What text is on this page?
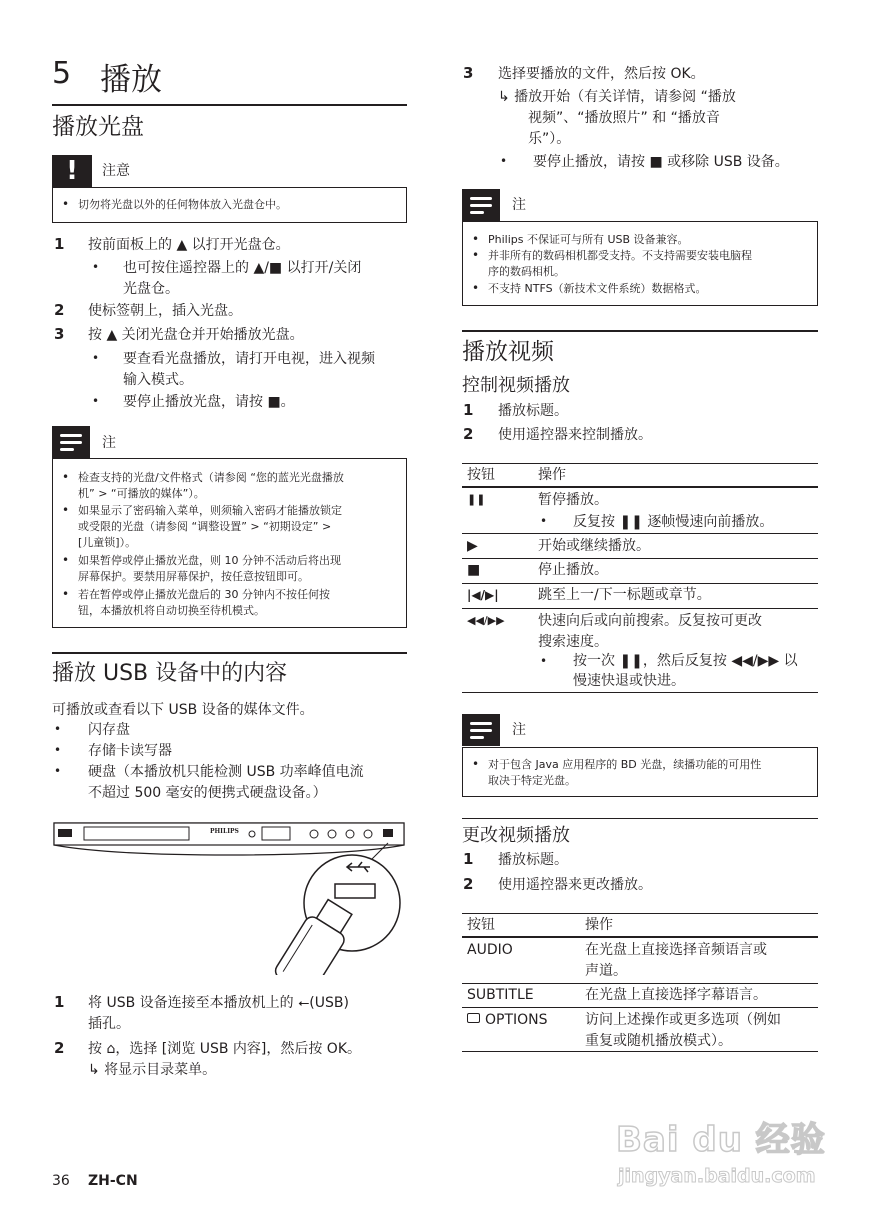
5 播放
播放光盘
!	注意
• 切勿将光盘以外的任何物体放入光盘仓中。
1 按前面板上的 ▲ 以打开光盘仓。
• 也可按住遥控器上的 ▲/■ 以打开/关闭
光盘仓。
2 使标签朝上，插入光盘。
3 按 ▲ 关闭光盘仓并开始播放光盘。
• 要查看光盘播放，请打开电视，进入视频
输入模式。
• 要停止播放光盘，请按 ■。
注
• 检查支持的光盘/文件格式（请参阅 “您的蓝光光盘播放
机” > “可播放的媒体”）。
• 如果显示了密码输入菜单，则须输入密码才能播放锁定
或受限的光盘（请参阅 “调整设置” > “初期设定” >
[儿童锁]）。
• 如果暂停或停止播放光盘，则 10 分钟不活动后将出现
屏幕保护。要禁用屏幕保护，按任意按钮即可。
• 若在暂停或停止播放光盘后的 30 分钟内不按任何按
钮，本播放机将自动切换至待机模式。
播放 USB 设备中的内容
可播放或查看以下 USB 设备的媒体文件。
• 闪存盘
• 存储卡读写器
• 硬盘（本播放机只能检测 USB 功率峰值电流
不超过 500 毫安的便携式硬盘设备。）
PHILIPS
1 将 USB 设备连接至本播放机上的 ⭠(USB)
插孔。
2 按 ⌂，选择 [浏览 USB 内容]，然后按 OK。
↳ 将显示目录菜单。
36 ZH-CN
3 选择要播放的文件，然后按 OK。
↳ 播放开始（有关详情，请参阅 “播放
视频”、“播放照片” 和 “播放音
乐”）。
• 要停止播放，请按 ■ 或移除 USB 设备。
注
• Philips 不保证可与所有 USB 设备兼容。
• 并非所有的数码相机都受支持。不支持需要安装电脑程
序的数码相机。
• 不支持 NTFS（新技术文件系统）数据格式。
播放视频
控制视频播放
1 播放标题。
2 使用遥控器来控制播放。
按钮	操作
❚❚	暂停播放。
• 反复按 ❚❚ 逐帧慢速向前播放。
▶	开始或继续播放。
■	停止播放。
|◀/▶|	跳至上一/下一标题或章节。
◀◀/▶▶ 快速向后或向前搜索。反复按可更改
搜索速度。
• 按一次 ❚❚，然后反复按 ◀◀/▶▶ 以
慢速快退或快进。
注
• 对于包含 Java 应用程序的 BD 光盘，续播功能的可用性
取决于特定光盘。
更改视频播放
1 播放标题。
2 使用遥控器来更改播放。
按钮	操作
AUDIO	在光盘上直接选择音频语言或
声道。
SUBTITLE	在光盘上直接选择字幕语言。
OPTIONS	访问上述操作或更多选项（例如
重复或随机播放模式）。
Bai du 经验
jingyan.baidu.com
